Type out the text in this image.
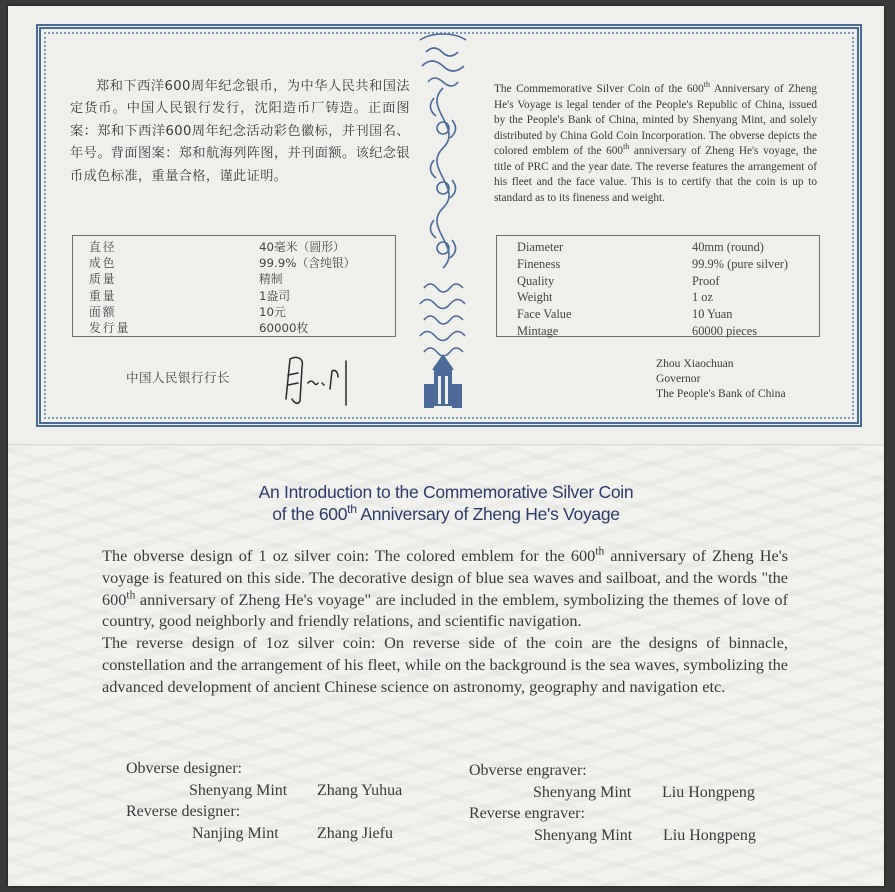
郑和下西洋600周年纪念银币，为中华人民共和国法定货币。中国人民银行发行，沈阳造币厂铸造。正面图案：郑和下西洋600周年纪念活动彩色徽标，并刊国名、年号。背面图案：郑和航海列阵图，并刊面额。该纪念银币成色标准，重量合格，谨此证明。

The Commemorative Silver Coin of the 600th Anniversary of Zheng He's Voyage is legal tender of the People's Republic of China, issued by the People's Bank of China, minted by Shenyang Mint, and solely distributed by China Gold Coin Incorporation. The obverse depicts the colored emblem of the 600th anniversary of Zheng He's voyage, the title of PRC and the year date. The reverse features the arrangement of his fleet and the face value. This is to certify that the coin is up to standard as to its fineness and weight.

直径	40毫米（圆形）
成色	99.9%（含纯银）
质量	精制
重量	1盎司
面额	10元
发行量	60000枚
Diameter	40mm (round)
Fineness	99.9% (pure silver)
Quality	Proof
Weight	1 oz
Face Value	10 Yuan
Mintage	60000 pieces
中国人民银行行长
Zhou Xiaochuan
Governor
The People's Bank of China
An Introduction to the Commemorative Silver Coin
of the 600th Anniversary of Zheng He's Voyage

The obverse design of 1 oz silver coin: The colored emblem for the 600th anniversary of Zheng He's voyage is featured on this side. The decorative design of blue sea waves and sailboat, and the words "the 600th anniversary of Zheng He's voyage" are included in the emblem, symbolizing the themes of love of country, good neighborly and friendly relations, and scientific navigation.

The reverse design of 1oz silver coin: On reverse side of the coin are the designs of binnacle, constellation and the arrangement of his fleet, while on the background is the sea waves, symbolizing the advanced development of ancient Chinese science on astronomy, geography and navigation etc.

Obverse designer:
Shenyang Mint Zhang Yuhua
Reverse designer:
Nanjing Mint Zhang Jiefu
Obverse engraver:
Shenyang Mint Liu Hongpeng
Reverse engraver:
Shenyang Mint Liu Hongpeng
